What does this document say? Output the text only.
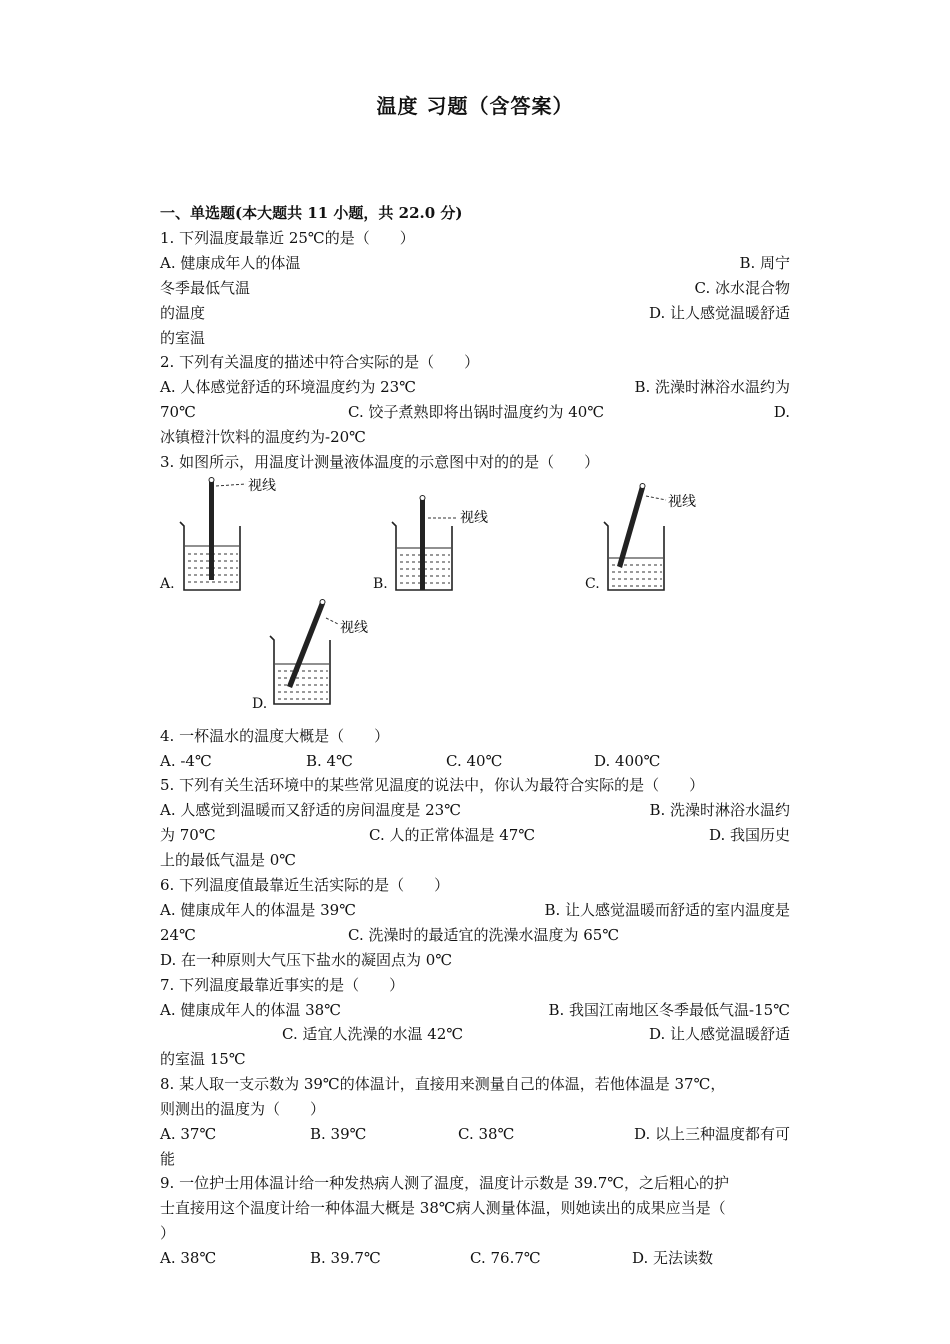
温度 习题（含答案）
一、单选题(本大题共 11 小题，共 22.0 分)
1. 下列温度最靠近 25℃的是（　　）
A. 健康成年人的体温	B. 周宁
冬季最低气温	C. 冰水混合物
的温度	D. 让人感觉温暖舒适
的室温
2. 下列有关温度的描述中符合实际的是（　　）
A. 人体感觉舒适的环境温度约为 23℃	B. 洗澡时淋浴水温约为
70℃	C. 饺子煮熟即将出锅时温度约为 40℃	D.
冰镇橙汁饮料的温度约为-20℃
3. 如图所示，用温度计测量液体温度的示意图中对的的是（　　）
A.
视线
B.
视线
C.
视线
D.
视线
4. 一杯温水的温度大概是（　　）
A. -4℃	B. 4℃	C. 40℃	D. 400℃
5. 下列有关生活环境中的某些常见温度的说法中，你认为最符合实际的是（　　）
A. 人感觉到温暖而又舒适的房间温度是 23℃	B. 洗澡时淋浴水温约
为 70℃	C. 人的正常体温是 47℃	D. 我国历史
上的最低气温是 0℃
6. 下列温度值最靠近生活实际的是（　　）
A. 健康成年人的体温是 39℃	B. 让人感觉温暖而舒适的室内温度是
24℃	C. 洗澡时的最适宜的洗澡水温度为 65℃
D. 在一种原则大气压下盐水的凝固点为 0℃
7. 下列温度最靠近事实的是（　　）
A. 健康成年人的体温 38℃	B. 我国江南地区冬季最低气温-15℃
C. 适宜人洗澡的水温 42℃	D. 让人感觉温暖舒适
的室温 15℃
8. 某人取一支示数为 39℃的体温计，直接用来测量自己的体温，若他体温是 37℃，
则测出的温度为（　　）
A. 37℃	B. 39℃	C. 38℃	D. 以上三种温度都有可
能
9. 一位护士用体温计给一种发热病人测了温度，温度计示数是 39.7℃，之后粗心的护
士直接用这个温度计给一种体温大概是 38℃病人测量体温，则她读出的成果应当是（
）
A. 38℃	B. 39.7℃	C. 76.7℃	D. 无法读数
